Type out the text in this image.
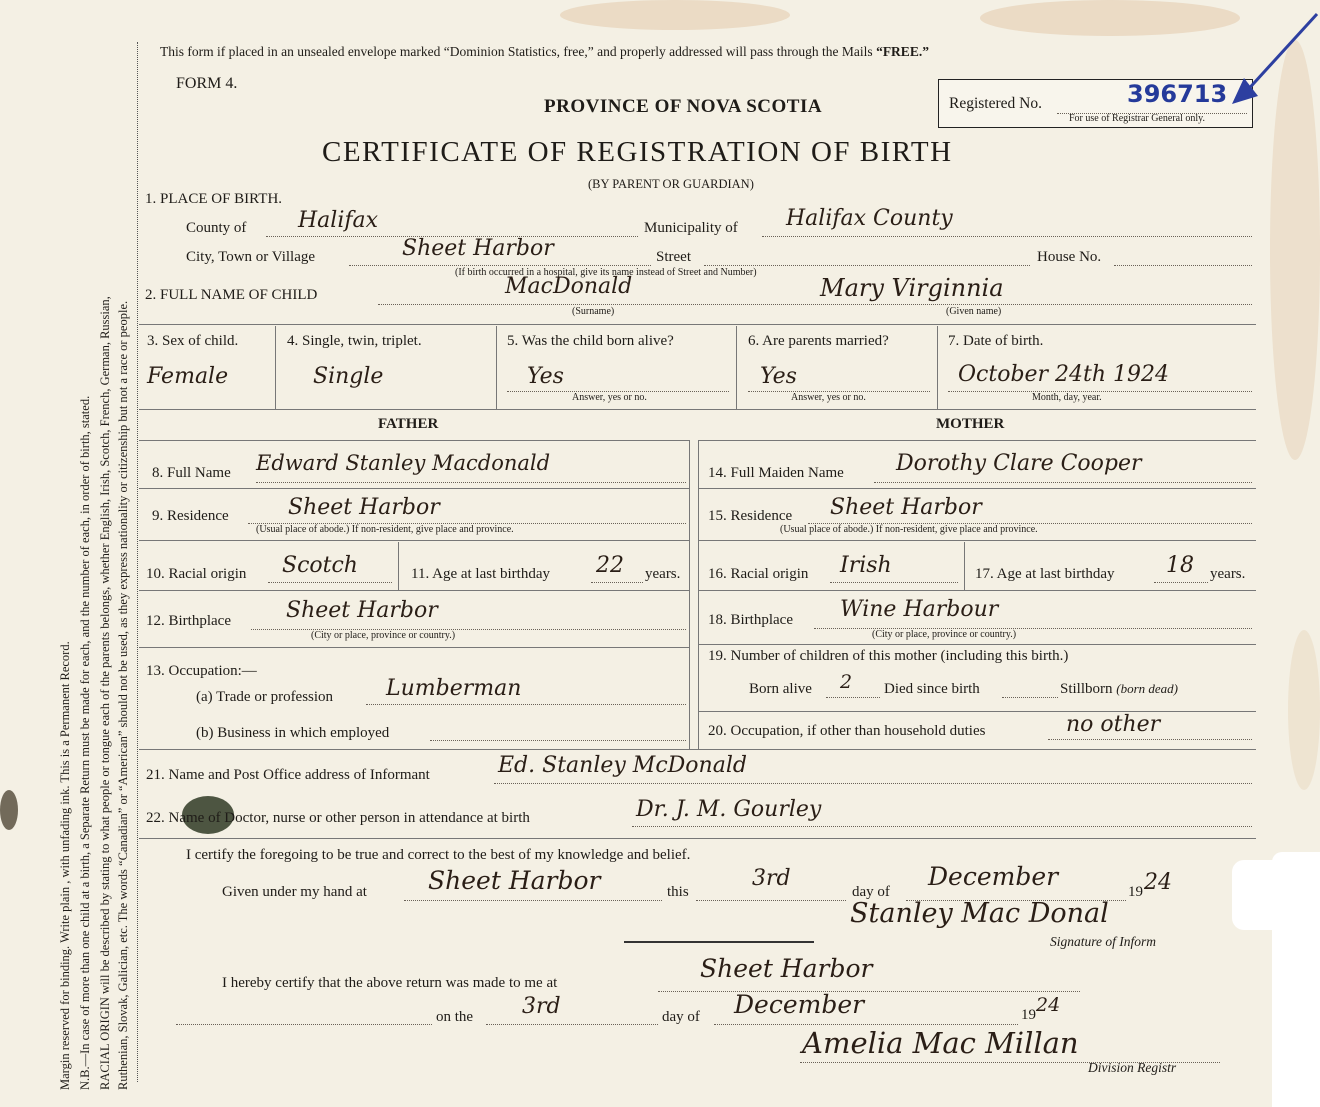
Margin reserved for binding. Write plain , with unfading ink. This is a Permanent Record. N.B.—In case of more than one child at a birth, a Separate Return must be made for each, and the number of each, in order of birth, stated. RACIAL ORIGIN will be described by stating to what people or tongue each of the parents belongs, whether English, Irish, Scotch, French, German, Russian, Ruthenian, Slovak, Galician, etc. The words “Canadian” or “American” should not be used, as they express nationality or citizenship but not a race or people.
This form if placed in an unsealed envelope marked “Dominion Statistics, free,” and properly addressed will pass through the Mails “FREE.”
FORM 4.
PROVINCE OF NOVA SCOTIA	Registered No.
For use of Registrar General only.
396713
CERTIFICATE OF REGISTRATION OF BIRTH
(BY PARENT OR GUARDIAN)
1. PLACE OF BIRTH.
County of Halifax	Municipality of Halifax County
City, Town or Village	Sheet Harbor	Street	House No.
(If birth occurred in a hospital, give its name instead of Street and Number)
2. FULL NAME OF CHILD	MacDonald	Mary Virginnia
(Surname)	(Given name)
3. Sex of child.
Female
4. Single, twin, triplet.
Single
5. Was the child born alive?
Yes
Answer, yes or no.
6. Are parents married?
Yes
Answer, yes or no.
7. Date of birth.
October 24th 1924
Month, day, year.
FATHER	MOTHER
8. Full Name Edward Stanley Macdonald
9. Residence	Sheet Harbor
(Usual place of abode.) If non-resident, give place and province.
10. Racial origin Scotch	11. Age at last birthday 22 years.
12. Birthplace	Sheet Harbor
(City or place, province or country.)
13. Occupation:—
(a) Trade or profession Lumberman
(b) Business in which employed
14. Full Maiden Name Dorothy Clare Cooper
15. Residence Sheet Harbor
(Usual place of abode.) If non-resident, give place and province.
16. Racial origin Irish	17. Age at last birthday 18 years.
18. Birthplace Wine Harbour
(City or place, province or country.)
19. Number of children of this mother (including this birth.)
Born alive 2 Died since birth	Stillborn (born dead)
20. Occupation, if other than household duties	no other
21. Name and Post Office address of Informant	Ed. Stanley McDonald
22. Name of Doctor, nurse or other person in attendance at birth	Dr. J. M. Gourley
I certify the foregoing to be true and correct to the best of my knowledge and belief.
Given under my hand at Sheet Harbor	this
3rd
day of
December
19 24
Stanley Mac Donal
Signature of Inform
I hereby certify that the above return was made to me at	Sheet Harbor
on the 3rd	day of December	19 24
Amelia Mac Millan
Division Registr
